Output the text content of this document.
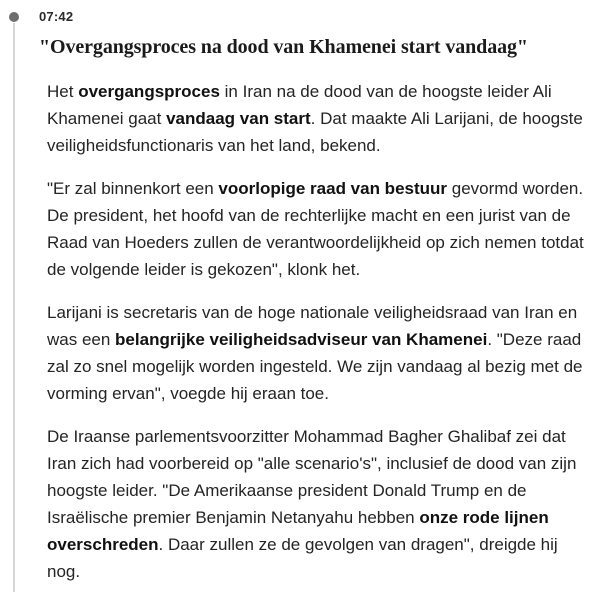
07:42
"Overgangsproces na dood van Khamenei start vandaag"

Het overgangsproces in Iran na de dood van de hoogste leider Ali Khamenei gaat vandaag van start. Dat maakte Ali Larijani, de hoogste veiligheidsfunctionaris van het land, bekend.

"Er zal binnenkort een voorlopige raad van bestuur gevormd worden. De president, het hoofd van de rechterlijke macht en een jurist van de Raad van Hoeders zullen de verantwoordelijkheid op zich nemen totdat de volgende leider is gekozen", klonk het.

Larijani is secretaris van de hoge nationale veiligheidsraad van Iran en was een belangrijke veiligheidsadviseur van Khamenei. "Deze raad zal zo snel mogelijk worden ingesteld. We zijn vandaag al bezig met de vorming ervan", voegde hij eraan toe.

De Iraanse parlementsvoorzitter Mohammad Bagher Ghalibaf zei dat Iran zich had voorbereid op "alle scenario's", inclusief de dood van zijn hoogste leider. "De Amerikaanse president Donald Trump en de Israëlische premier Benjamin Netanyahu hebben onze rode lijnen overschreden. Daar zullen ze de gevolgen van dragen", dreigde hij nog.
